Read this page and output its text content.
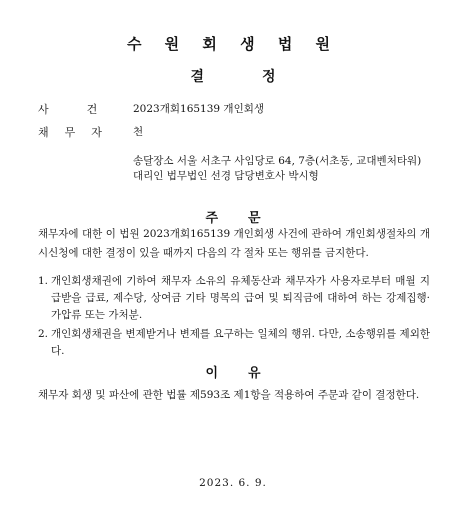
수 원 회 생 법 원
결정
사건
2023개회165139 개인회생
채무자 천
송달장소 서울 서초구 사임당로 64, 7층(서초동, 교대벤처타워)
대리인 법무법인 선경 담당변호사 박시형
주문
채무자에 대한 이 법원 2023개회165139 개인회생 사건에 관하여 개인회생절차의 개시신청에 대한 결정이 있을 때까지 다음의 각 절차 또는 행위를 금지한다.
1. 개인회생채권에 기하여 채무자 소유의 유체동산과 채무자가 사용자로부터 매월 지급받을 급료, 제수당, 상여금 기타 명목의 급여 및 퇴직금에 대하여 하는 강제집행·가압류 또는 가처분.
2. 개인회생채권을 변제받거나 변제를 요구하는 일체의 행위. 다만, 소송행위를 제외한다.
이유
채무자 회생 및 파산에 관한 법률 제593조 제1항을 적용하여 주문과 같이 결정한다.
2023. 6. 9.
